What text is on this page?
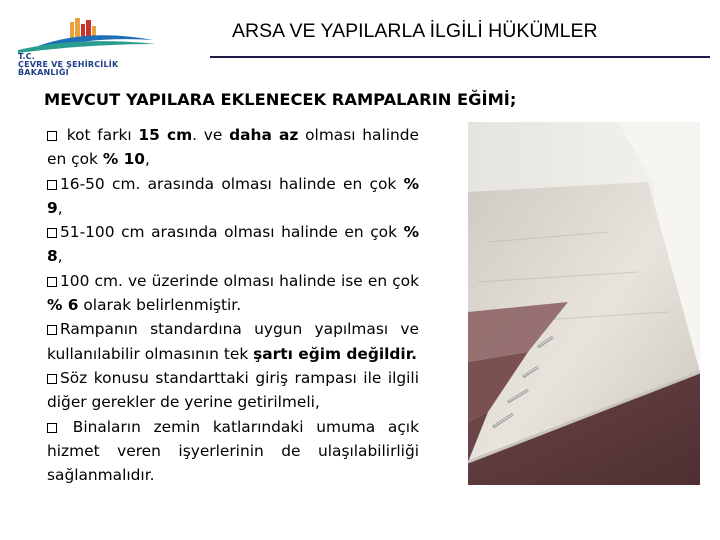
T.C.
ÇEVRE VE ŞEHİRCİLİK
BAKANLIĞI
ARSA VE YAPILARLA İLGİLİ HÜKÜMLER
MEVCUT YAPILARA EKLENECEK RAMPALARIN EĞİMİ;

kot farkı 15 cm. ve daha az olması halinde en çok % 10,

16-50 cm. arasında olması halinde en çok % 9,

51-100 cm arasında olması halinde en çok % 8,

100 cm. ve üzerinde olması halinde ise en çok % 6 olarak belirlenmiştir.

Rampanın standardına uygun yapılması ve kullanılabilir olmasının tek şartı eğim değildir.

Söz konusu standarttaki giriş rampası ile ilgili diğer gerekler de yerine getirilmeli,

Binaların zemin katlarındaki umuma açık hizmet veren işyerlerinin de ulaşılabilirliği sağlanmalıdır.
